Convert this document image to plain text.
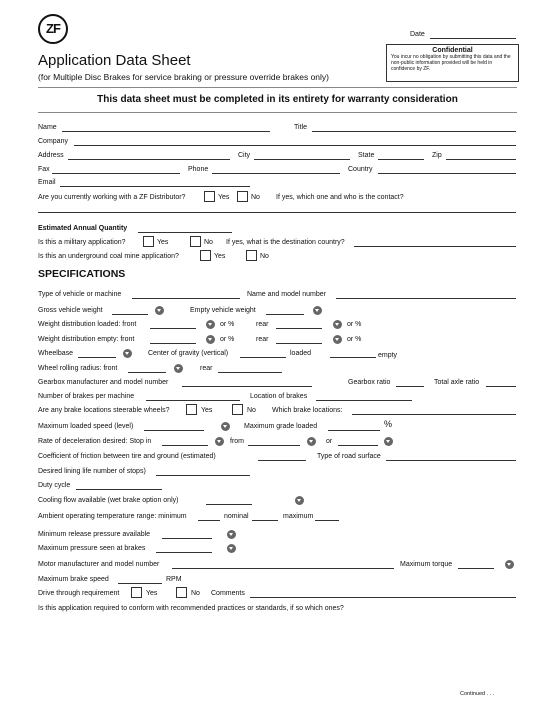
ZF	Date
Application Data Sheet
(for Multiple Disc Brakes for service braking or pressure override brakes only)
Confidential
You incur no obligation by submitting this data and the non-public information provided will be held in confidence by ZF.
This data sheet must be completed in its entirety for warranty consideration
Name	Title
Company
Address	City	State	Zip
Fax	Phone	Country
Email
Are you currently working with a ZF Distributor?	Yes	No If yes, which one and who is the contact?
Estimated Annual Quantity
Is this a military application?	Yes	No If yes, what is the destination country?
Is this an underground coal mine application?	Yes	No
SPECIFICATIONS
Type of vehicle or machine	Name and model number
Gross vehicle weight	Empty vehicle weight
Weight distribution loaded: front	or %	rear	or %
Weight distribution empty: front	or %	rear	or %
Wheelbase	Center of gravity (vertical)	loaded	empty
Wheel rolling radius: front	rear
Gearbox manufacturer and model number	Gearbox ratio	Total axle ratio
Number of brakes per machine	Location of brakes
Are any brake locations steerable wheels?	Yes	No Which brake locations:
Maximum loaded speed (level)	Maximum grade loaded	%
Rate of deceleration desired: Stop in	from	or
Coefficient of friction between tire and ground (estimated)	Type of road surface
Desired lining life number of stops)
Duty cycle
Cooling flow available (wet brake option only)
Ambient operating temperature range: minimum	nominal	maximum
Minimum release pressure available
Maximum pressure seen at brakes
Motor manufacturer and model number	Maximum torque
Maximum brake speed	RPM
Drive through requirement	Yes	No Comments
Is this application required to conform with recommended practices or standards, if so which ones?
Continued . . .
